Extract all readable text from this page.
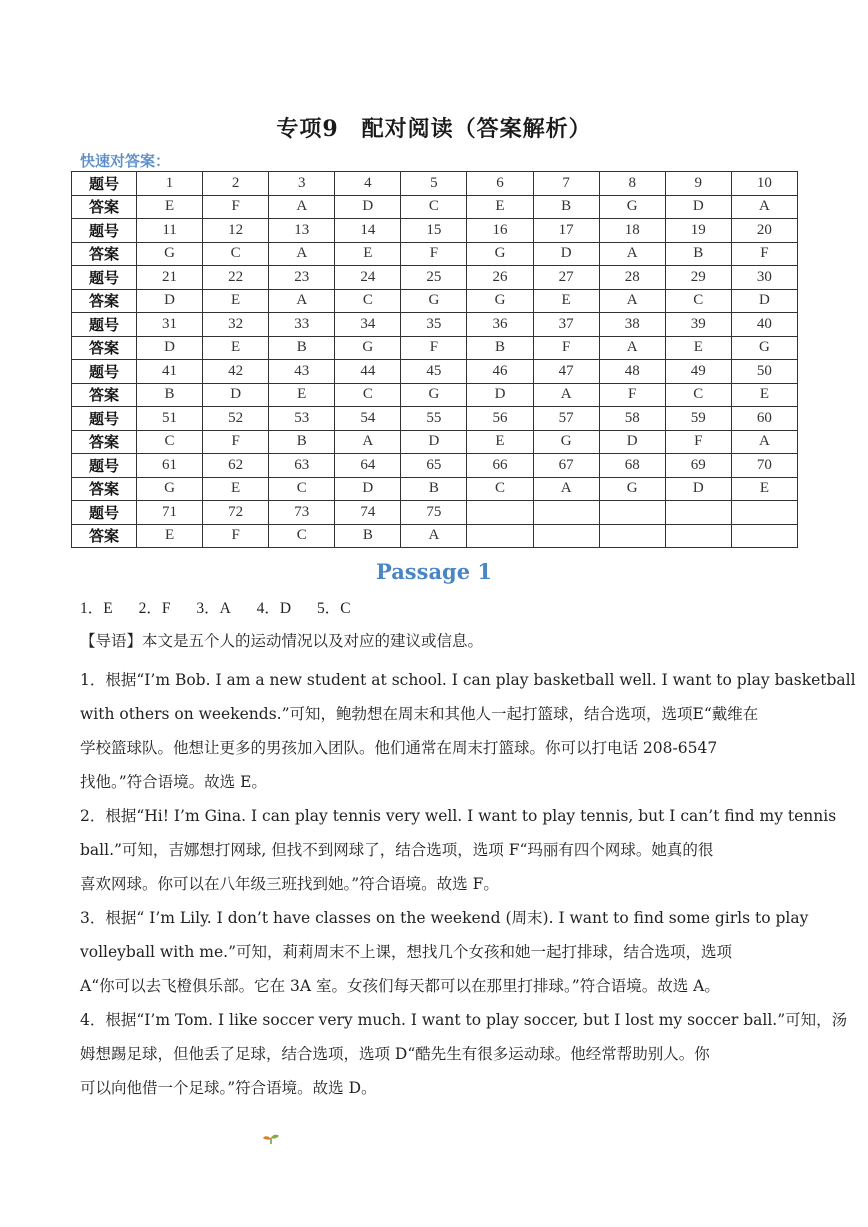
专项9　配对阅读（答案解析）
快速对答案：
题号	1	2	3	4	5	6	7	8	9	10
答案	E	F	A	D	C	E	B	G	D	A
题号	11	12	13	14	15	16	17	18	19	20
答案	G	C	A	E	F	G	D	A	B	F
题号	21	22	23	24	25	26	27	28	29	30
答案	D	E	A	C	G	G	E	A	C	D
题号	31	32	33	34	35	36	37	38	39	40
答案	D	E	B	G	F	B	F	A	E	G
题号	41	42	43	44	45	46	47	48	49	50
答案	B	D	E	C	G	D	A	F	C	E
题号	51	52	53	54	55	56	57	58	59	60
答案	C	F	B	A	D	E	G	D	F	A
题号	61	62	63	64	65	66	67	68	69	70
答案	G	E	C	D	B	C	A	G	D	E
题号	71	72	73	74	75					
答案	E	F	C	B	A					
Passage 1
1．E 2．F 3．A 4．D 5．C
【导语】本文是五个人的运动情况以及对应的建议或信息。
1．根据“I’m Bob. I am a new student at school. I can play basketball well. I want to play basketball
with others on weekends.”可知，鲍勃想在周末和其他人一起打篮球，结合选项，选项E“戴维在
学校篮球队。他想让更多的男孩加入团队。他们通常在周末打篮球。你可以打电话 208-6547
找他。”符合语境。故选 E。
2．根据“Hi! I’m Gina. I can play tennis very well. I want to play tennis, but I can’t find my tennis
ball.”可知，吉娜想打网球, 但找不到网球了，结合选项，选项 F“玛丽有四个网球。她真的很
喜欢网球。你可以在八年级三班找到她。”符合语境。故选 F。
3．根据“ I’m Lily. I don’t have classes on the weekend (周末). I want to find some girls to play
volleyball with me.”可知，莉莉周末不上课，想找几个女孩和她一起打排球，结合选项，选项
A“你可以去飞橙俱乐部。它在 3A 室。女孩们每天都可以在那里打排球。”符合语境。故选 A。
4．根据“I’m Tom. I like soccer very much. I want to play soccer, but I lost my soccer ball.”可知，汤
姆想踢足球，但他丢了足球，结合选项，选项 D“酷先生有很多运动球。他经常帮助别人。你
可以向他借一个足球。”符合语境。故选 D。
